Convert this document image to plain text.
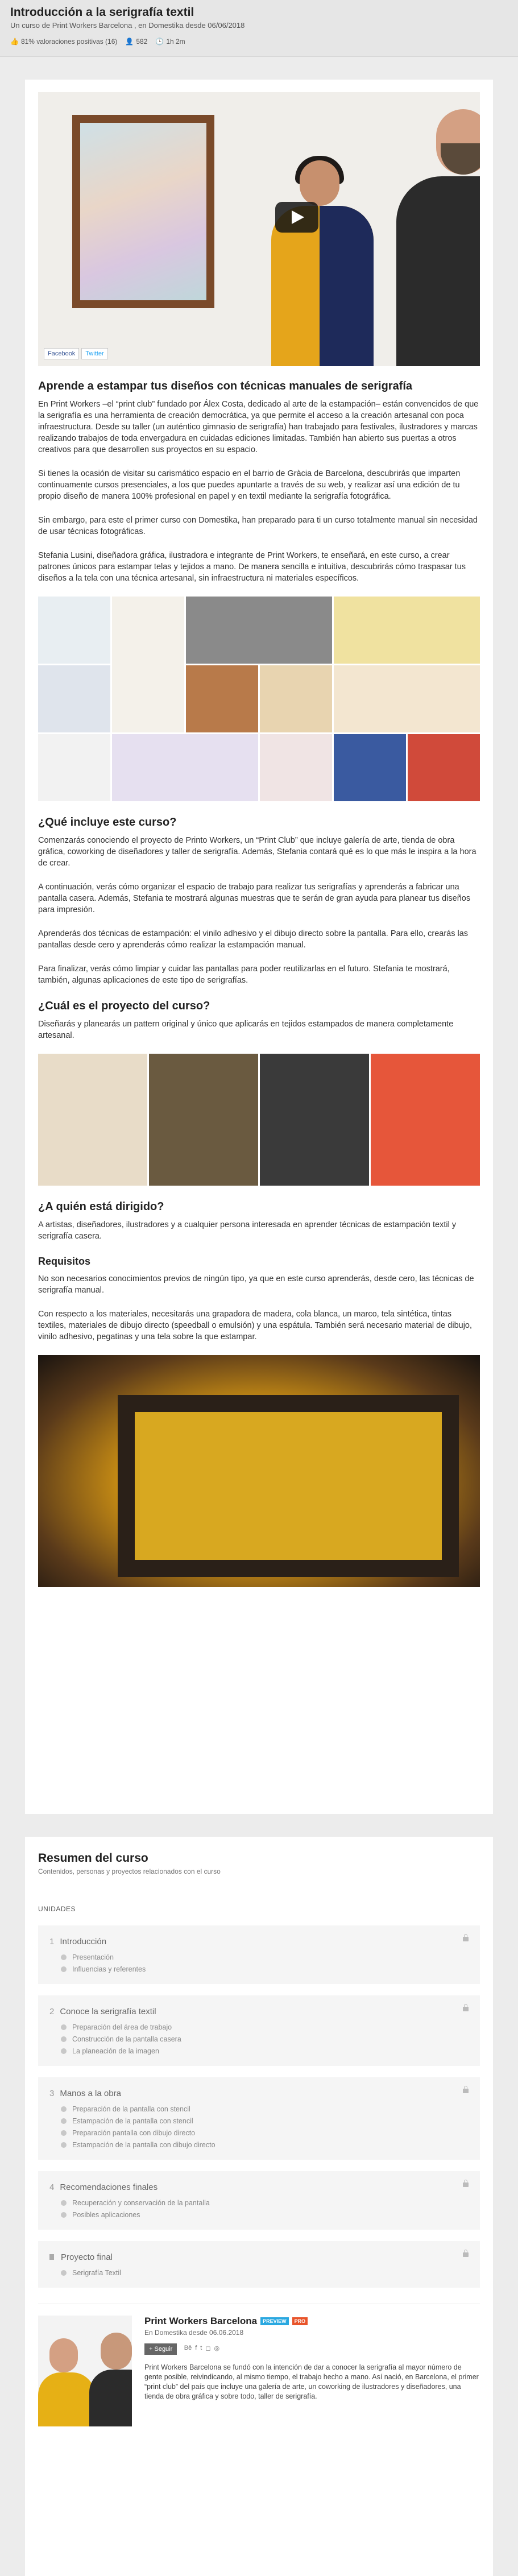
Introducción a la serigrafía textil
Un curso de Print Workers Barcelona , en Domestika desde 06/06/2018
👍 81% valoraciones positivas (16) 👤 582 🕒 1h 2m
Facebook	Twitter
Aprende a estampar tus diseños con técnicas manuales de serigrafía

En Print Workers –el “print club” fundado por Álex Costa, dedicado al arte de la estampación– están convencidos de que la serigrafía es una herramienta de creación democrática, ya que permite el acceso a la creación artesanal con poca infraestructura. Desde su taller (un auténtico gimnasio de serigrafía) han trabajado para festivales, ilustradores y marcas realizando trabajos de toda envergadura en cuidadas ediciones limitadas. También han abierto sus puertas a otros creativos para que desarrollen sus proyectos en su espacio.

Si tienes la ocasión de visitar su carismático espacio en el barrio de Gràcia de Barcelona, descubrirás que imparten continuamente cursos presenciales, a los que puedes apuntarte a través de su web, y realizar así una edición de tu propio diseño de manera 100% profesional en papel y en textil mediante la serigrafía fotográfica.

Sin embargo, para este el primer curso con Domestika, han preparado para ti un curso totalmente manual sin necesidad de usar técnicas fotográficas.

Stefania Lusini, diseñadora gráfica, ilustradora e integrante de Print Workers, te enseñará, en este curso, a crear patrones únicos para estampar telas y tejidos a mano. De manera sencilla e intuitiva, descubrirás cómo traspasar tus diseños a la tela con una técnica artesanal, sin infraestructura ni materiales específicos.

¿Qué incluye este curso?

Comenzarás conociendo el proyecto de Printo Workers, un “Print Club” que incluye galería de arte, tienda de obra gráfica, coworking de diseñadores y taller de serigrafía. Además, Stefania contará qué es lo que más le inspira a la hora de crear.

A continuación, verás cómo organizar el espacio de trabajo para realizar tus serigrafías y aprenderás a fabricar una pantalla casera. Además, Stefania te mostrará algunas muestras que te serán de gran ayuda para planear tus diseños para impresión.

Aprenderás dos técnicas de estampación: el vinilo adhesivo y el dibujo directo sobre la pantalla. Para ello, crearás las pantallas desde cero y aprenderás cómo realizar la estampación manual.

Para finalizar, verás cómo limpiar y cuidar las pantallas para poder reutilizarlas en el futuro. Stefania te mostrará, también, algunas aplicaciones de este tipo de serigrafías.

¿Cuál es el proyecto del curso?

Diseñarás y planearás un pattern original y único que aplicarás en tejidos estampados de manera completamente artesanal.

¿A quién está dirigido?

A artistas, diseñadores, ilustradores y a cualquier persona interesada en aprender técnicas de estampación textil y serigrafía casera.

Requisitos

No son necesarios conocimientos previos de ningún tipo, ya que en este curso aprenderás, desde cero, las técnicas de serigrafía manual.

Con respecto a los materiales, necesitarás una grapadora de madera, cola blanca, un marco, tela sintética, tintas textiles, materiales de dibujo directo (speedball o emulsión) y una espátula. También será necesario material de dibujo, vinilo adhesivo, pegatinas y una tela sobre la que estampar.

Resumen del curso
Contenidos, personas y proyectos relacionados con el curso
UNIDADES
1 Introducción
Presentación
Influencias y referentes
2 Conoce la serigrafía textil
Preparación del área de trabajo
Construcción de la pantalla casera
La planeación de la imagen
3 Manos a la obra
Preparación de la pantalla con stencil
Estampación de la pantalla con stencil
Preparación pantalla con dibujo directo
Estampación de la pantalla con dibujo directo
4 Recomendaciones finales
Recuperación y conservación de la pantalla
Posibles aplicaciones
Proyecto final
Serigrafía Textil
Print Workers Barcelona	PREVIEW	PRO
En Domestika desde 06.06.2018
+ Seguir Bē f t ◻ ◎
Print Workers Barcelona se fundó con la intención de dar a conocer la serigrafía al mayor número de gente posible, reivindicando, al mismo tiempo, el trabajo hecho a mano. Así nació, en Barcelona, el primer “print club” del país que incluye una galería de arte, un coworking de ilustradores y diseñadores, una tienda de obra gráfica y sobre todo, taller de serigrafía.
